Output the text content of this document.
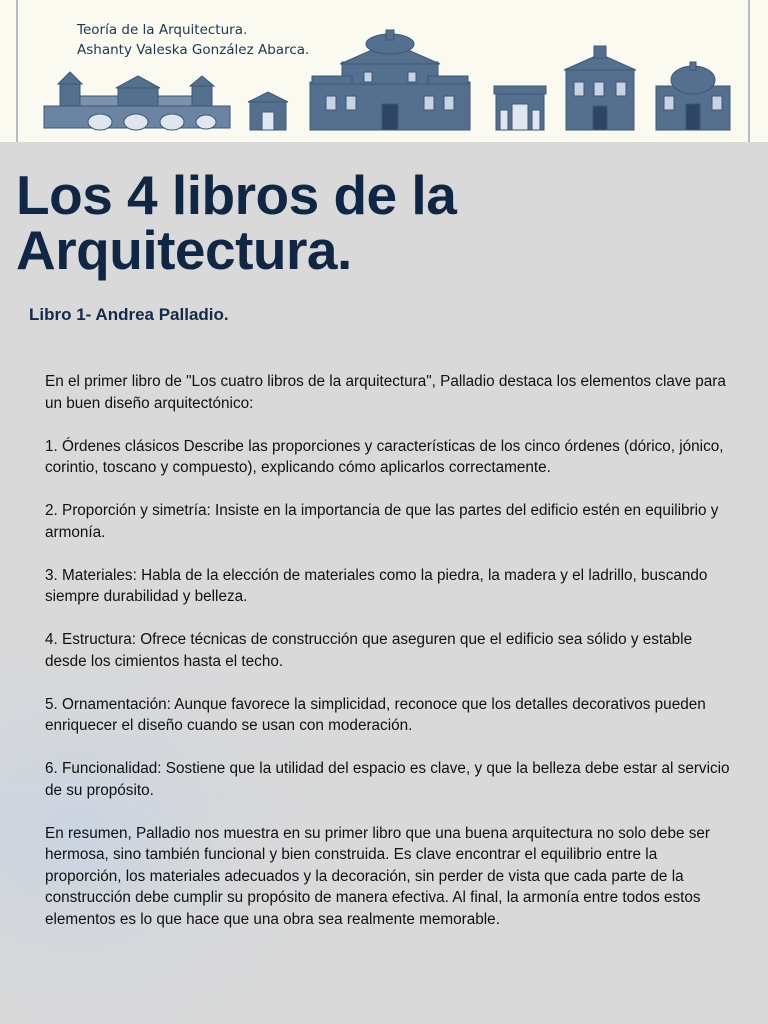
Teoría de la Arquitectura.
Ashanty Valeska González Abarca.
Los 4 libros de la Arquitectura.
Libro 1- Andrea Palladio.

En el primer libro de "Los cuatro libros de la arquitectura", Palladio destaca los elementos clave para un buen diseño arquitectónico:

1. Órdenes clásicos Describe las proporciones y características de los cinco órdenes (dórico, jónico, corintio, toscano y compuesto), explicando cómo aplicarlos correctamente.

2. Proporción y simetría: Insiste en la importancia de que las partes del edificio estén en equilibrio y armonía.

3. Materiales: Habla de la elección de materiales como la piedra, la madera y el ladrillo, buscando siempre durabilidad y belleza.

4. Estructura: Ofrece técnicas de construcción que aseguren que el edificio sea sólido y estable desde los cimientos hasta el techo.

5. Ornamentación: Aunque favorece la simplicidad, reconoce que los detalles decorativos pueden enriquecer el diseño cuando se usan con moderación.

6. Funcionalidad: Sostiene que la utilidad del espacio es clave, y que la belleza debe estar al servicio de su propósito.

En resumen, Palladio nos muestra en su primer libro que una buena arquitectura no solo debe ser hermosa, sino también funcional y bien construida. Es clave encontrar el equilibrio entre la proporción, los materiales adecuados y la decoración, sin perder de vista que cada parte de la construcción debe cumplir su propósito de manera efectiva. Al final, la armonía entre todos estos elementos es lo que hace que una obra sea realmente memorable.
